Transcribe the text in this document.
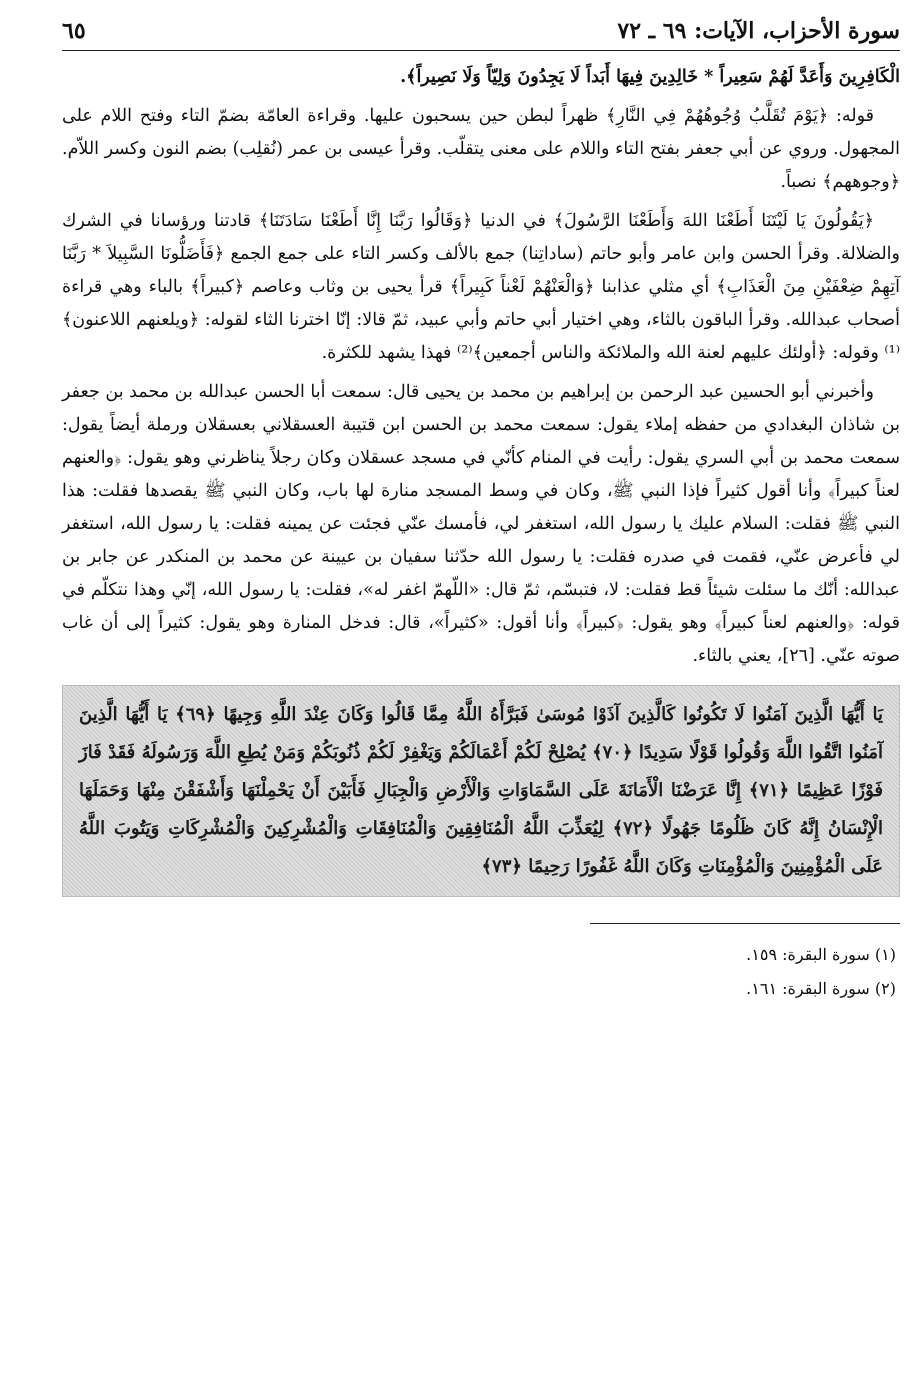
سورة الأحزاب، الآيات: ٦٩ ـ ٧٢
٦٥

الْكَافِرِينَ وَأَعَدَّ لَهُمْ سَعِيراً * خَالِدِينَ فِيهَا أَبَداً لَا يَجِدُونَ وَلِيّاً وَلَا نَصِيراً﴾.

قوله: ﴿يَوْمَ تُقَلَّبُ وُجُوهُهُمْ فِي النَّارِ﴾ ظهراً لبطن حين يسحبون عليها. وقراءة العامّة بضمّ التاء وفتح اللام على المجهول. وروي عن أبي جعفر بفتح التاء واللام على معنى يتقلّب. وقرأ عيسى بن عمر (نُقلِب) بضم النون وكسر اللاّم. ﴿وجوههم﴾ نصباً.

﴿يَقُولُونَ يَا لَيْتَنَا أَطَعْنَا اللهَ وَأَطَعْنَا الرَّسُولَ﴾ في الدنيا ﴿وَقَالُوا رَبَّنَا إِنَّا أَطَعْنَا سَادَتَنَا﴾ قادتنا ورؤسانا في الشرك والضلالة. وقرأ الحسن وابن عامر وأبو حاتم (ساداتِنا) جمع بالألف وكسر التاء على جمع الجمع ﴿فَأَضَلُّونَا السَّبِيلاَ * رَبَّنَا آتِهِمْ ضِعْفَيْنِ مِنَ الْعَذَابِ﴾ أي مثلي عذابنا ﴿وَالْعَنْهُمْ لَعْناً كَبِيراً﴾ قرأ يحيى بن وثاب وعاصم ﴿كبيراً﴾ بالباء وهي قراءة أصحاب عبدالله. وقرأ الباقون بالثاء، وهي اختيار أبي حاتم وأبي عبيد، ثمّ قالا: إنّا اخترنا الثاء لقوله: ﴿ويلعنهم اللاعنون﴾⁽¹⁾ وقوله: ﴿أولئك عليهم لعنة الله والملائكة والناس أجمعين﴾⁽²⁾ فهذا يشهد للكثرة.

وأخبرني أبو الحسين عبد الرحمن بن إبراهيم بن محمد بن يحيى قال: سمعت أبا الحسن عبدالله بن محمد بن جعفر بن شاذان البغدادي من حفظه إملاء يقول: سمعت محمد بن الحسن ابن قتيبة العسقلاني بعسقلان ورملة أيضاً يقول: سمعت محمد بن أبي السري يقول: رأيت في المنام كأنّي في مسجد عسقلان وكان رجلاً يناظرني وهو يقول: ﴿والعنهم لعناً كبيراً﴾ وأنا أقول كثيراً فإذا النبي ﷺ، وكان في وسط المسجد منارة لها باب، وكان النبي ﷺ يقصدها فقلت: هذا النبي ﷺ فقلت: السلام عليك يا رسول الله، استغفر لي، فأمسك عنّي فجئت عن يمينه فقلت: يا رسول الله، استغفر لي فأعرض عنّي، فقمت في صدره فقلت: يا رسول الله حدّثنا سفيان بن عيينة عن محمد بن المنكدر عن جابر بن عبدالله: أنّك ما سئلت شيئاً قط فقلت: لا، فتبسّم، ثمّ قال: «اللّهمّ اغفر له»، فقلت: يا رسول الله، إنّي وهذا نتكلّم في قوله: ﴿والعنهم لعناً كبيراً﴾ وهو يقول: ﴿كبيراً﴾ وأنا أقول: «كثيراً»، قال: فدخل المنارة وهو يقول: كثيراً إلى أن غاب صوته عنّي. [٢٦]، يعني بالثاء.

يَا أَيُّهَا الَّذِينَ آمَنُوا لَا تَكُونُوا كَالَّذِينَ آذَوْا مُوسَىٰ فَبَرَّأَهُ اللَّهُ مِمَّا قَالُوا وَكَانَ عِنْدَ اللَّهِ وَجِيهًا ﴿٦٩﴾ يَا أَيُّهَا الَّذِينَ آمَنُوا اتَّقُوا اللَّهَ وَقُولُوا قَوْلًا سَدِيدًا ﴿٧٠﴾ يُصْلِحْ لَكُمْ أَعْمَالَكُمْ وَيَغْفِرْ لَكُمْ ذُنُوبَكُمْ وَمَنْ يُطِعِ اللَّهَ وَرَسُولَهُ فَقَدْ فَازَ فَوْزًا عَظِيمًا ﴿٧١﴾ إِنَّا عَرَضْنَا الْأَمَانَةَ عَلَى السَّمَاوَاتِ وَالْأَرْضِ وَالْجِبَالِ فَأَبَيْنَ أَنْ يَحْمِلْنَهَا وَأَشْفَقْنَ مِنْهَا وَحَمَلَهَا الْإِنْسَانُ إِنَّهُ كَانَ ظَلُومًا جَهُولًا ﴿٧٢﴾ لِيُعَذِّبَ اللَّهُ الْمُنَافِقِينَ وَالْمُنَافِقَاتِ وَالْمُشْرِكِينَ وَالْمُشْرِكَاتِ وَيَتُوبَ اللَّهُ عَلَى الْمُؤْمِنِينَ وَالْمُؤْمِنَاتِ وَكَانَ اللَّهُ غَفُورًا رَحِيمًا ﴿٧٣﴾
(١) سورة البقرة: ١٥٩.
(٢) سورة البقرة: ١٦١.
